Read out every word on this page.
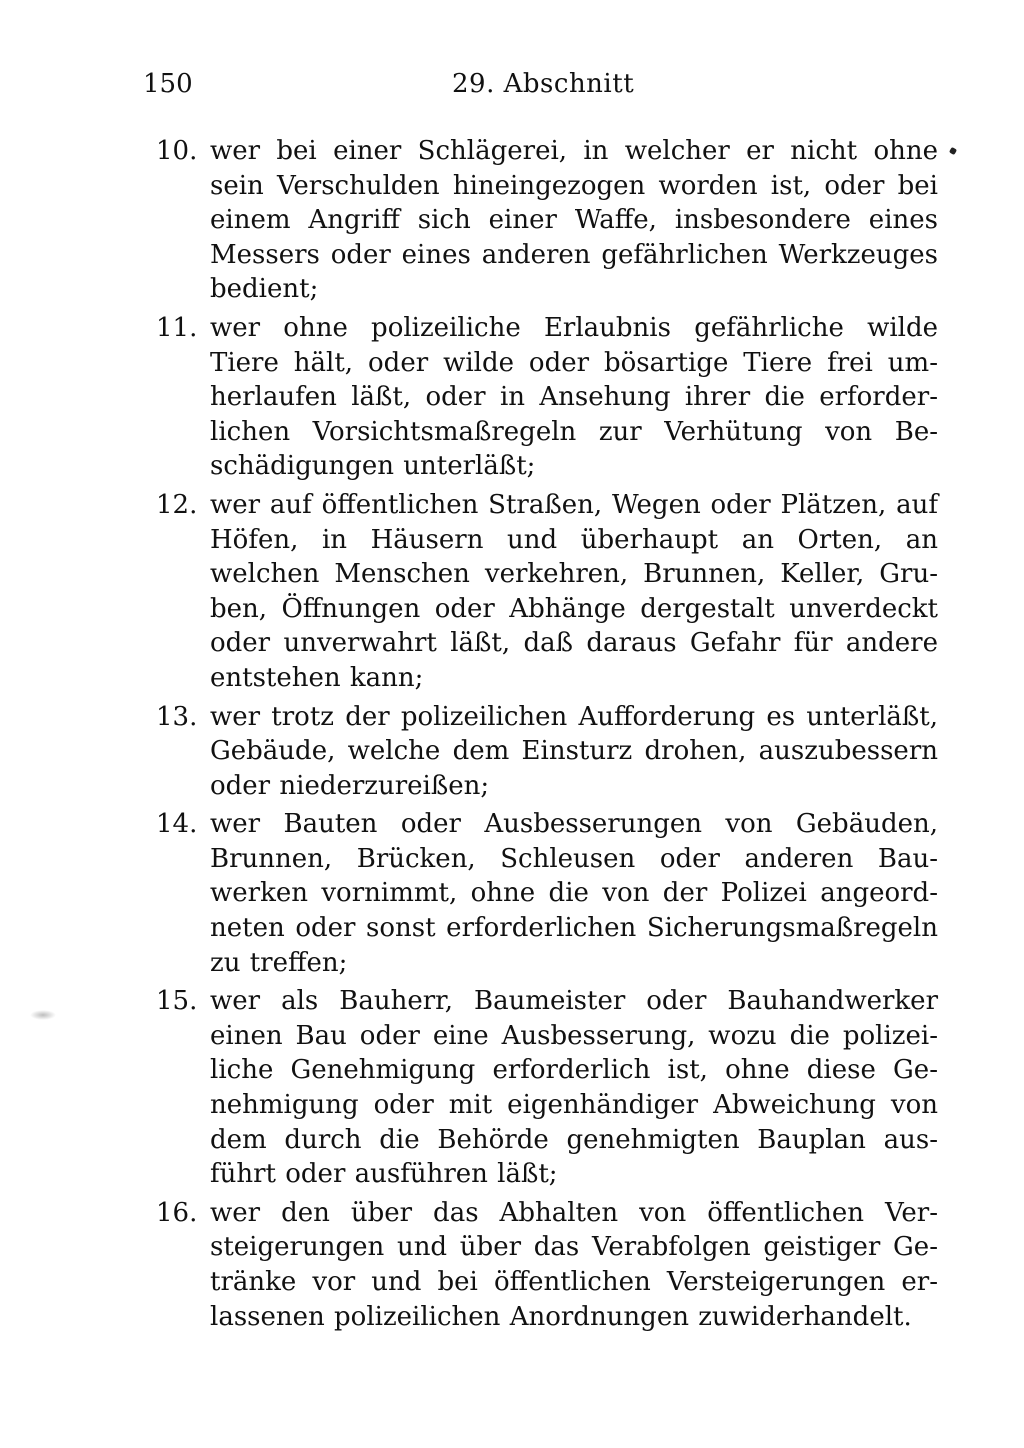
150	29. Abschnitt
10. wer bei einer Schlägerei, in welcher er nicht ohne sein Verschulden hineingezogen worden ist, oder bei einem Angriff sich einer Waffe, insbesondere eines Messers oder eines anderen gefährlichen Werkzeuges bedient;
11. wer ohne polizeiliche Erlaubnis gefährliche wilde Tiere hält, oder wilde oder bösartige Tiere frei umherlaufen läßt, oder in Ansehung ihrer die erforderlichen Vorsichtsmaßregeln zur Verhütung von Beschädigungen unterläßt;
12. wer auf öffentlichen Straßen, Wegen oder Plätzen, auf Höfen, in Häusern und überhaupt an Orten, an welchen Menschen verkehren, Brunnen, Keller, Gruben, Öffnungen oder Abhänge dergestalt unverdeckt oder unverwahrt läßt, daß daraus Gefahr für andere entstehen kann;
13. wer trotz der polizeilichen Aufforderung es unterläßt, Gebäude, welche dem Einsturz drohen, auszubessern oder niederzureißen;
14. wer Bauten oder Ausbesserungen von Gebäuden, Brunnen, Brücken, Schleusen oder anderen Bauwerken vornimmt, ohne die von der Polizei angeordneten oder sonst erforderlichen Sicherungsmaßregeln zu treffen;
15. wer als Bauherr, Baumeister oder Bauhandwerker einen Bau oder eine Ausbesserung, wozu die polizeiliche Genehmigung erforderlich ist, ohne diese Genehmigung oder mit eigenhändiger Abweichung von dem durch die Behörde genehmigten Bauplan ausführt oder ausführen läßt;
16. wer den über das Abhalten von öffentlichen Versteigerungen und über das Verabfolgen geistiger Getränke vor und bei öffentlichen Versteigerungen erlassenen polizeilichen Anordnungen zuwiderhandelt.
